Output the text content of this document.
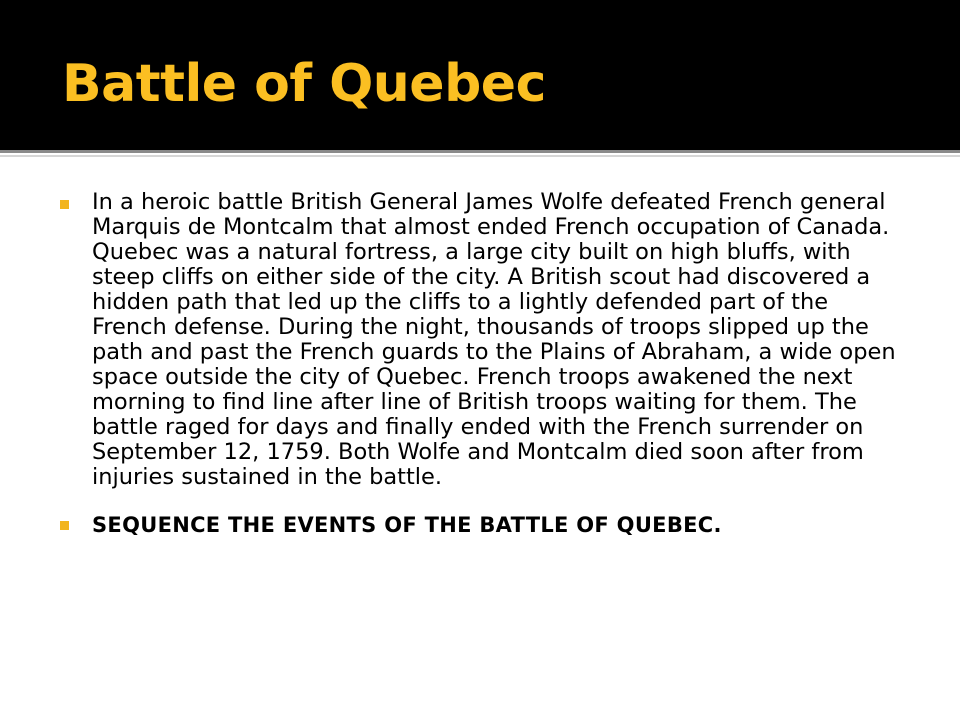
Battle of Quebec
In a heroic battle British General James Wolfe defeated French general Marquis de Montcalm that almost ended French occupation of Canada. Quebec was a natural fortress, a large city built on high bluffs, with steep cliffs on either side of the city. A British scout had discovered a hidden path that led up the cliffs to a lightly defended part of the French defense. During the night, thousands of troops slipped up the path and past the French guards to the Plains of Abraham, a wide open space outside the city of Quebec. French troops awakened the next morning to find line after line of British troops waiting for them. The battle raged for days and finally ended with the French surrender on September 12, 1759. Both Wolfe and Montcalm died soon after from injuries sustained in the battle.
SEQUENCE THE EVENTS OF THE BATTLE OF QUEBEC.
